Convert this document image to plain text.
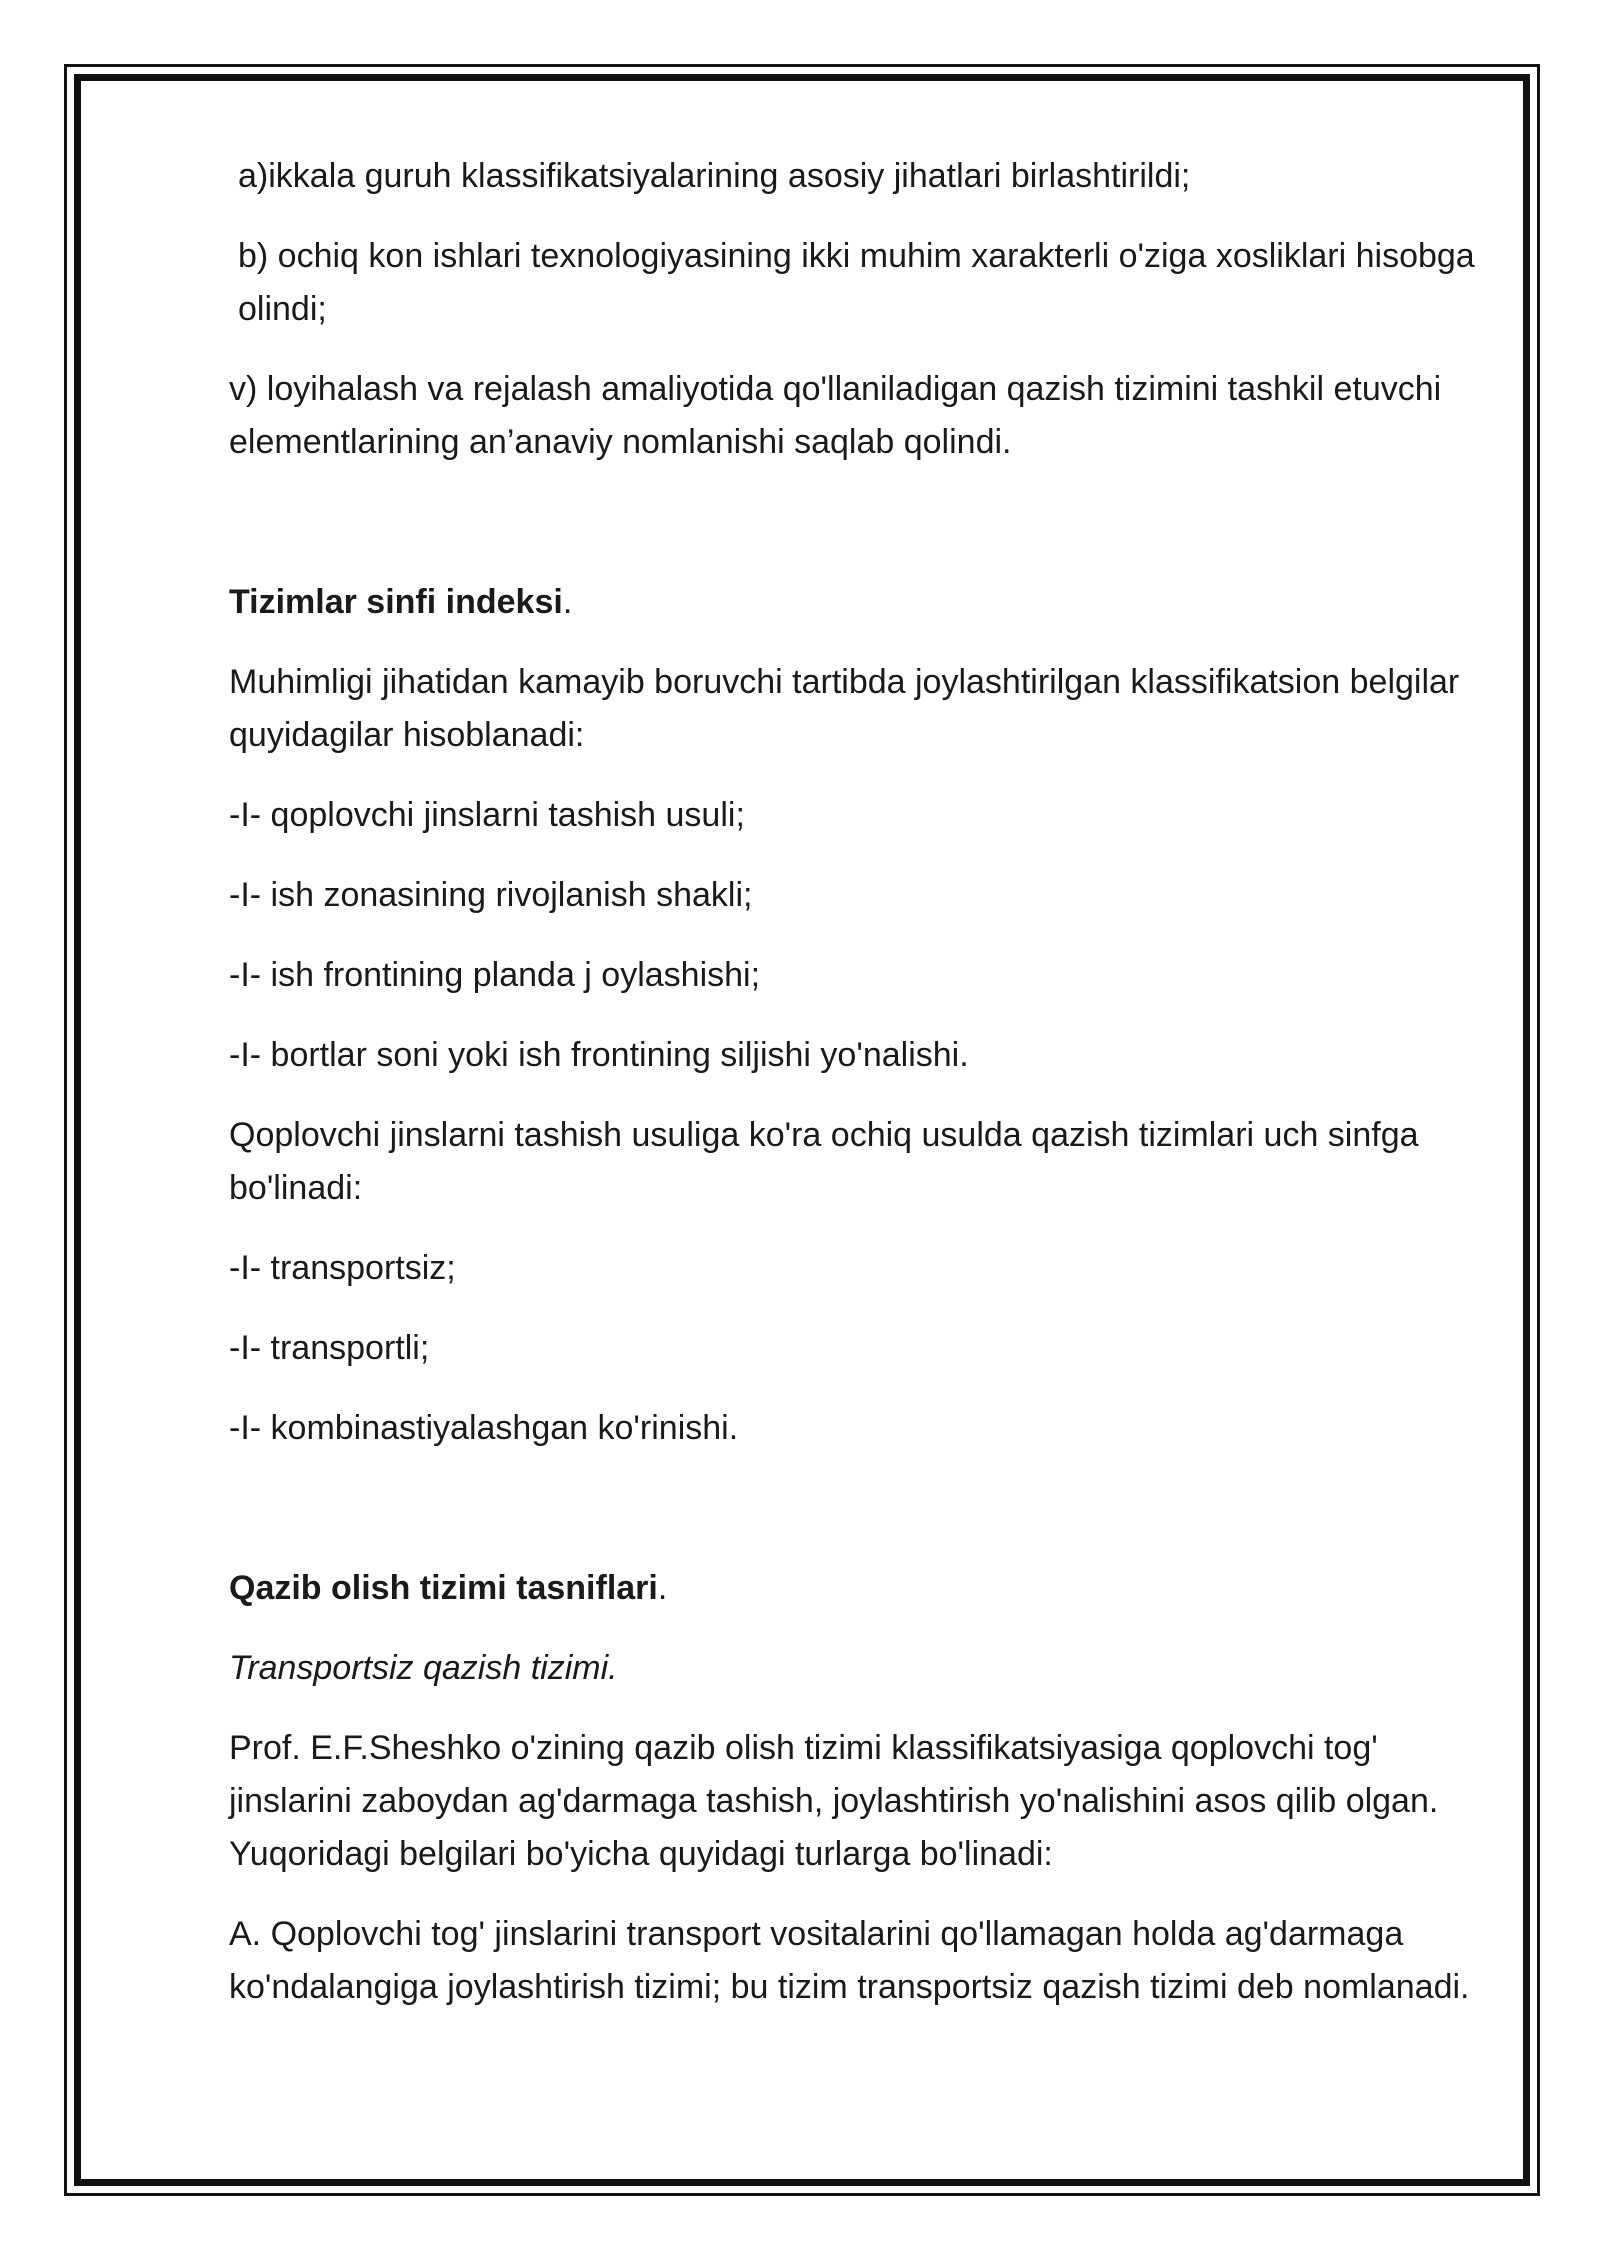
a)ikkala guruh klassifikatsiyalarining asosiy jihatlari birlashtirildi;
b) ochiq kon ishlari texnologiyasining ikki muhim xarakterli o'ziga xosliklari hisobga olindi;
v) loyihalash va rejalash amaliyotida qo'llaniladigan qazish tizimini tashkil etuvchi elementlarining an’anaviy nomlanishi saqlab qolindi.
Tizimlar sinfi indeksi.
Muhimligi jihatidan kamayib boruvchi tartibda joylashtirilgan klassifikatsion belgilar quyidagilar hisoblanadi:
-I- qoplovchi jinslarni tashish usuli;
-I- ish zonasining rivojlanish shakli;
-I- ish frontining planda j oylashishi;
-I- bortlar soni yoki ish frontining siljishi yo'nalishi.
Qoplovchi jinslarni tashish usuliga ko'ra ochiq usulda qazish tizimlari uch sinfga bo'linadi:
-I- transportsiz;
-I- transportli;
-I- kombinastiyalashgan ko'rinishi.
Qazib olish tizimi tasniflari.
Transportsiz qazish tizimi.
Prof. E.F.Sheshko o'zining qazib olish tizimi klassifikatsiyasiga qoplovchi tog' jinslarini zaboydan ag'darmaga tashish, joylashtirish yo'nalishini asos qilib olgan. Yuqoridagi belgilari bo'yicha quyidagi turlarga bo'linadi:
A. Qoplovchi tog' jinslarini transport vositalarini qo'llamagan holda ag'darmaga ko'ndalangiga joylashtirish tizimi; bu tizim transportsiz qazish tizimi deb nomlanadi.
